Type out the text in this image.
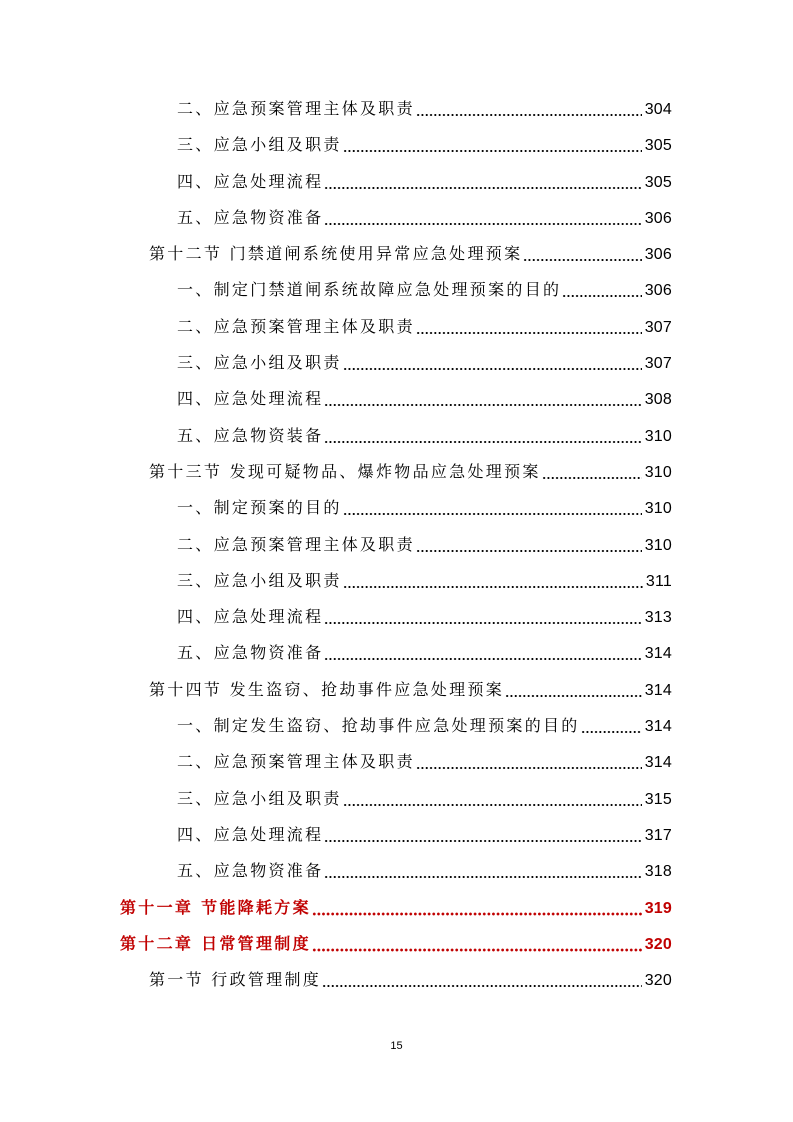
二、应急预案管理主体及职责	304
三、应急小组及职责	305
四、应急处理流程	305
五、应急物资准备	306
第十二节 门禁道闸系统使用异常应急处理预案	306
一、制定门禁道闸系统故障应急处理预案的目的	306
二、应急预案管理主体及职责	307
三、应急小组及职责	307
四、应急处理流程	308
五、应急物资装备	310
第十三节 发现可疑物品、爆炸物品应急处理预案	310
一、制定预案的目的	310
二、应急预案管理主体及职责	310
三、应急小组及职责	311
四、应急处理流程	313
五、应急物资准备	314
第十四节 发生盗窃、抢劫事件应急处理预案	314
一、制定发生盗窃、抢劫事件应急处理预案的目的	314
二、应急预案管理主体及职责	314
三、应急小组及职责	315
四、应急处理流程	317
五、应急物资准备	318
第十一章 节能降耗方案	319
第十二章 日常管理制度	320
第一节 行政管理制度	320
15
